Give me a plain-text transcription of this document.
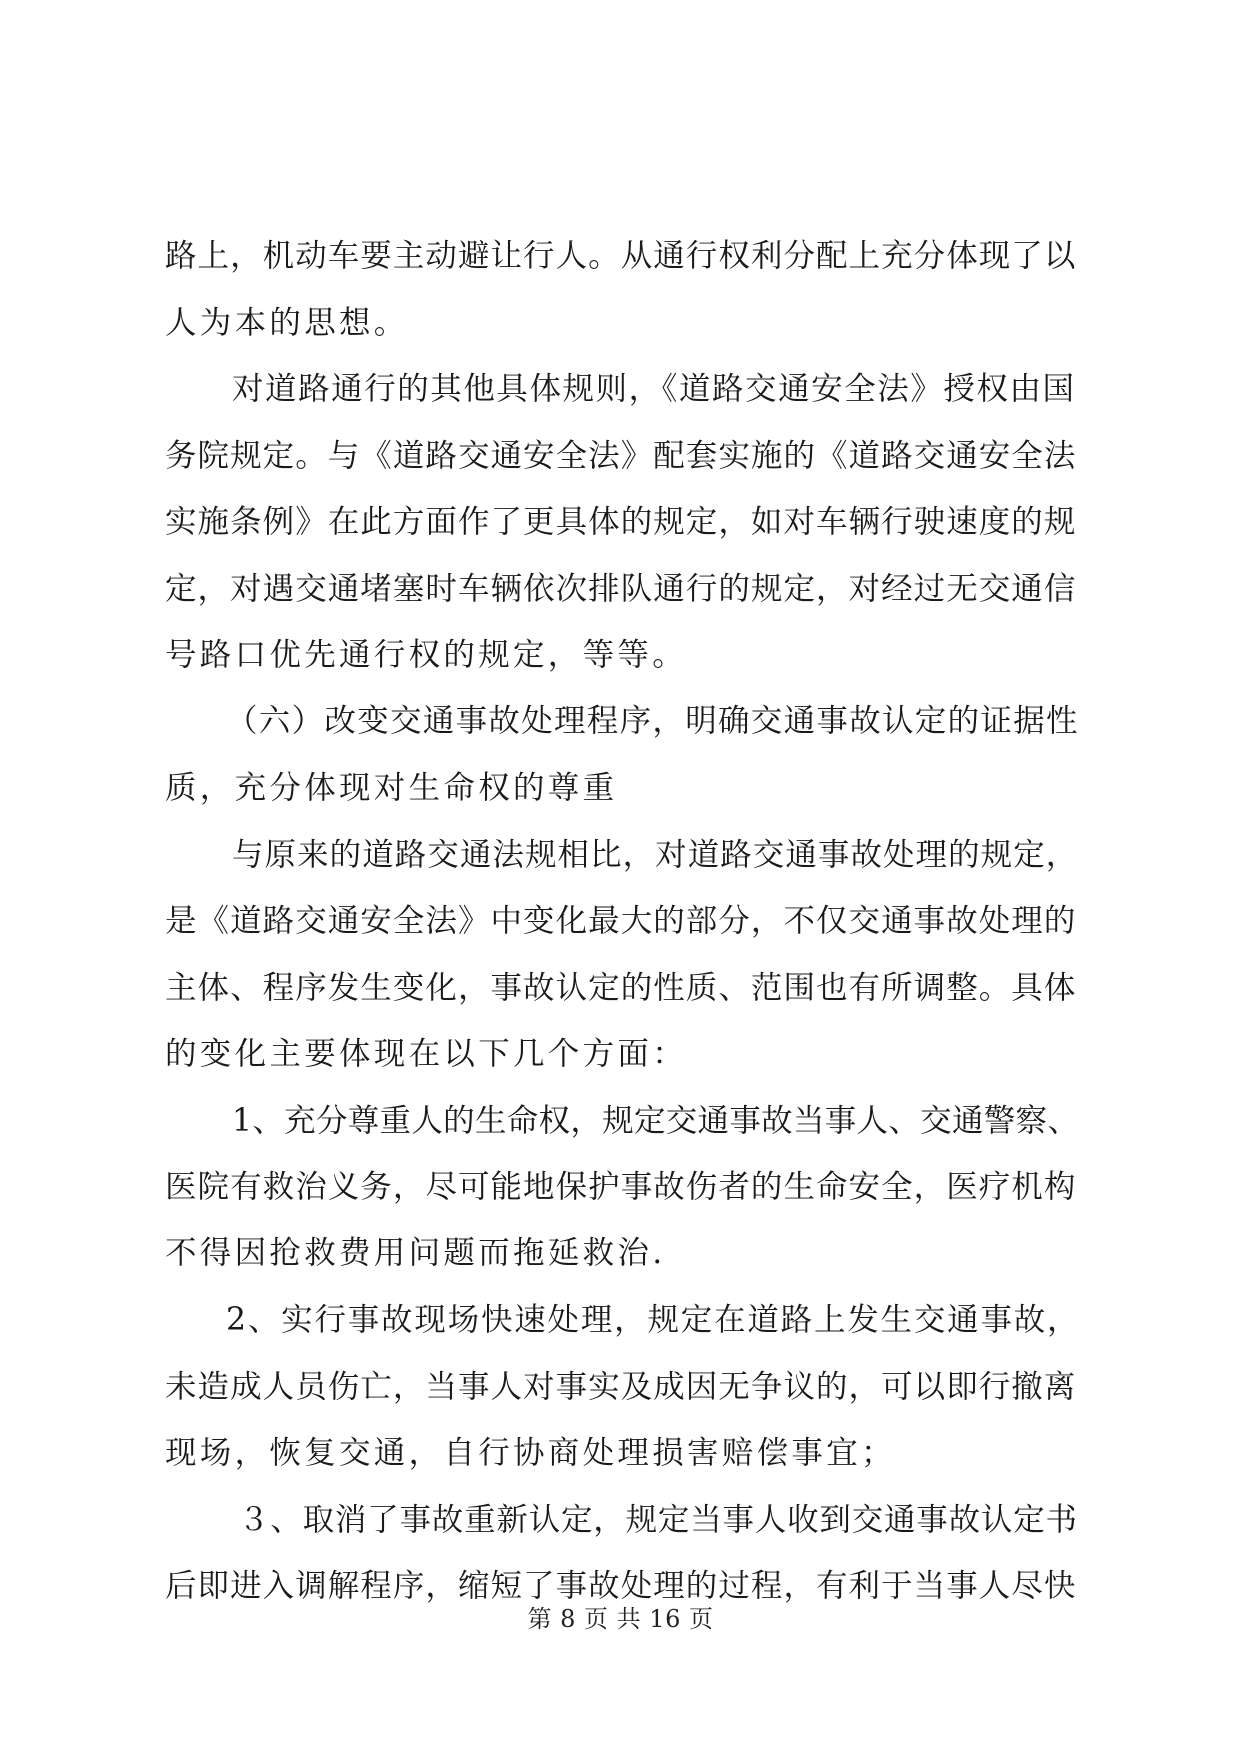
路上，机动车要主动避让行人。从通行权利分配上充分体现了以
人为本的思想。
对道路通行的其他具体规则，《道路交通安全法》授权由国
务院规定。与《道路交通安全法》配套实施的《道路交通安全法
实施条例》在此方面作了更具体的规定，如对车辆行驶速度的规
定，对遇交通堵塞时车辆依次排队通行的规定，对经过无交通信
号路口优先通行权的规定，等等。
（六）改变交通事故处理程序，明确交通事故认定的证据性
质，充分体现对生命权的尊重
与原来的道路交通法规相比，对道路交通事故处理的规定，
是《道路交通安全法》中变化最大的部分，不仅交通事故处理的
主体、程序发生变化，事故认定的性质、范围也有所调整。具体
的变化主要体现在以下几个方面：
1、充分尊重人的生命权，规定交通事故当事人、交通警察、
医院有救治义务，尽可能地保护事故伤者的生命安全，医疗机构
不得因抢救费用问题而拖延救治.
2、实行事故现场快速处理，规定在道路上发生交通事故，
未造成人员伤亡，当事人对事实及成因无争议的，可以即行撤离
现场，恢复交通，自行协商处理损害赔偿事宜；
３、取消了事故重新认定，规定当事人收到交通事故认定书
后即进入调解程序，缩短了事故处理的过程，有利于当事人尽快
第 8 页 共 16 页
